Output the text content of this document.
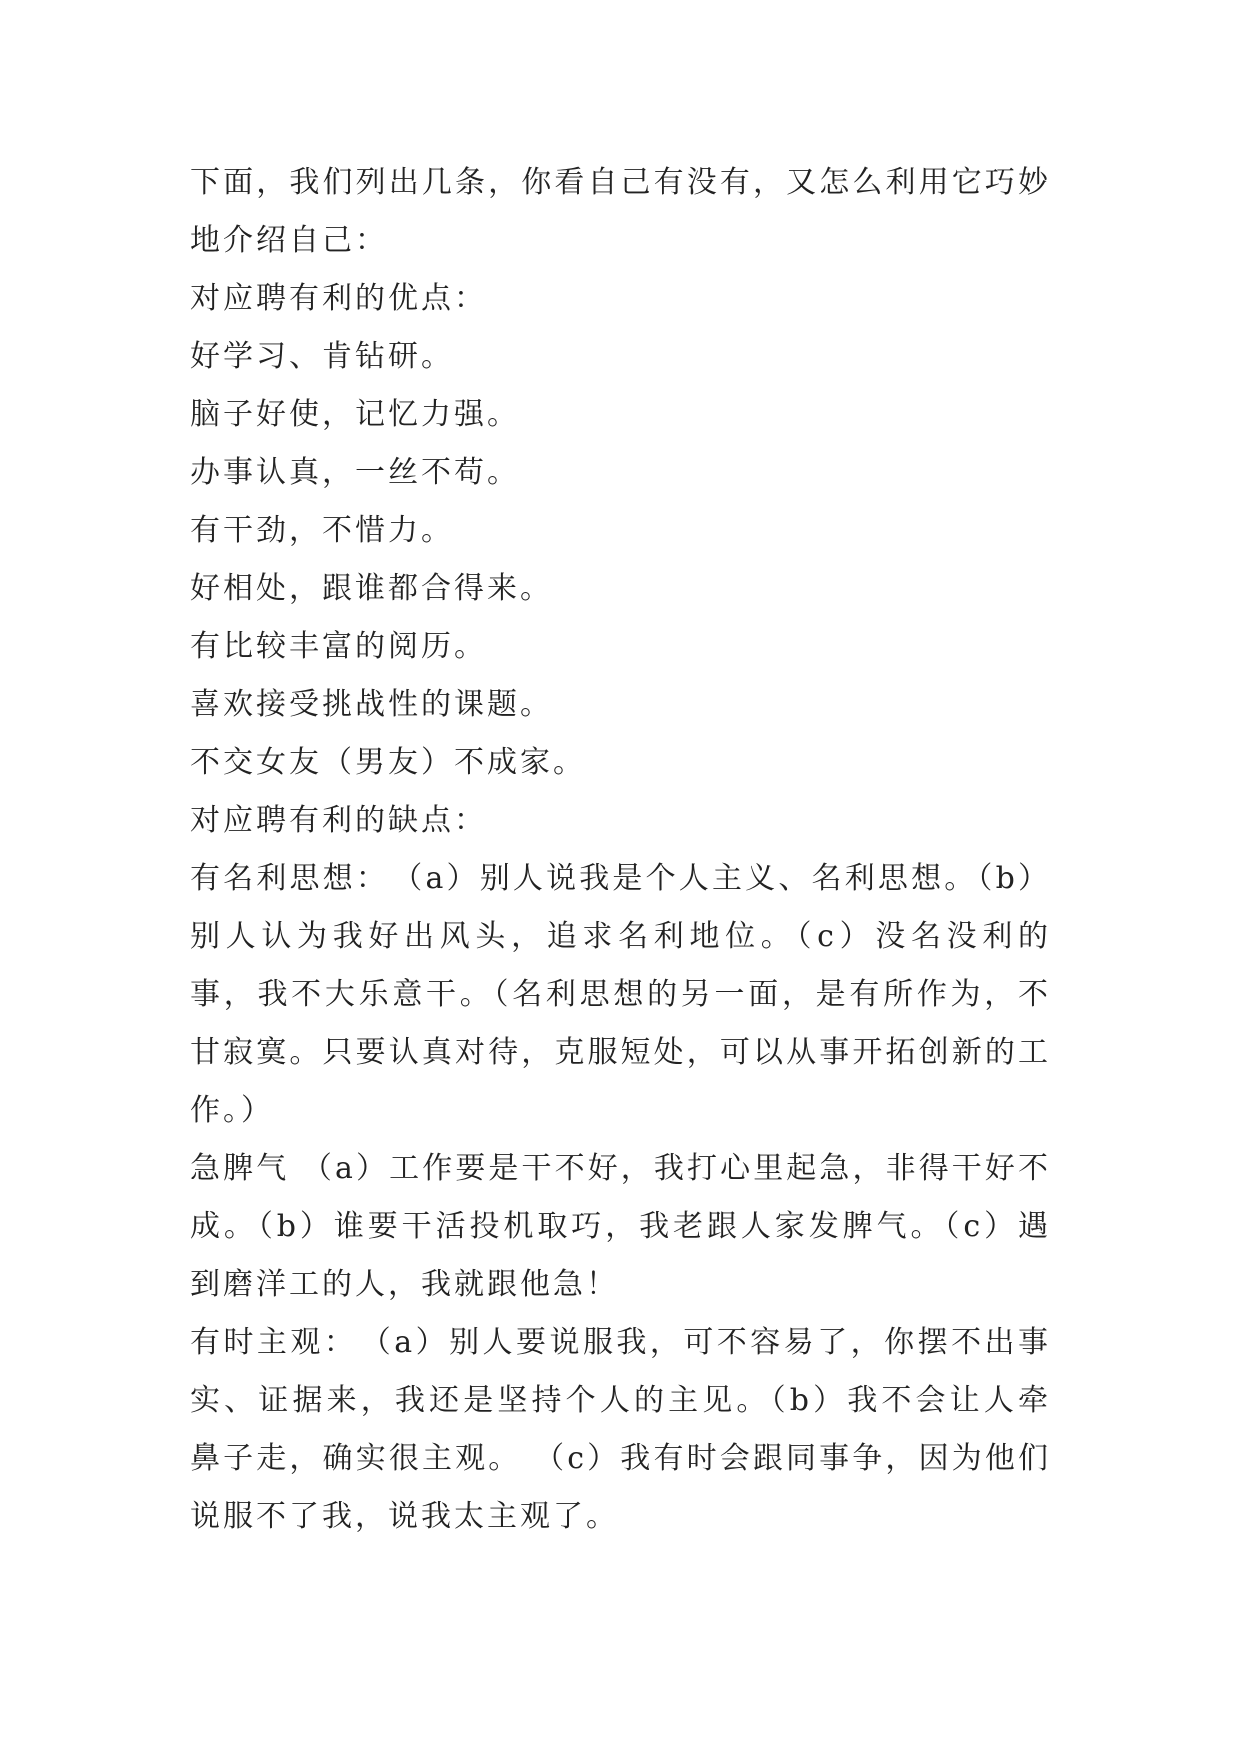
下面，我们列出几条，你看自己有没有，又怎么利用它巧妙地介绍自己：

对应聘有利的优点：

好学习、肯钻研。

脑子好使，记忆力强。

办事认真，一丝不苟。

有干劲，不惜力。

好相处，跟谁都合得来。

有比较丰富的阅历。

喜欢接受挑战性的课题。

不交女友（男友）不成家。

对应聘有利的缺点：

有名利思想：　（a）别人说我是个人主义、名利思想。（b）别人认为我好出风头，追求名利地位。（c）没名没利的事，我不大乐意干。（名利思想的另一面，是有所作为，不甘寂寞。只要认真对待，克服短处，可以从事开拓创新的工作。）

急脾气 （a）工作要是干不好，我打心里起急，非得干好不成。（b）谁要干活投机取巧，我老跟人家发脾气。（c）遇到磨洋工的人，我就跟他急！

有时主观：　（a）别人要说服我，可不容易了，你摆不出事实、证据来，我还是坚持个人的主见。（b）我不会让人牵鼻子走，确实很主观。 （c）我有时会跟同事争，因为他们说服不了我，说我太主观了。
